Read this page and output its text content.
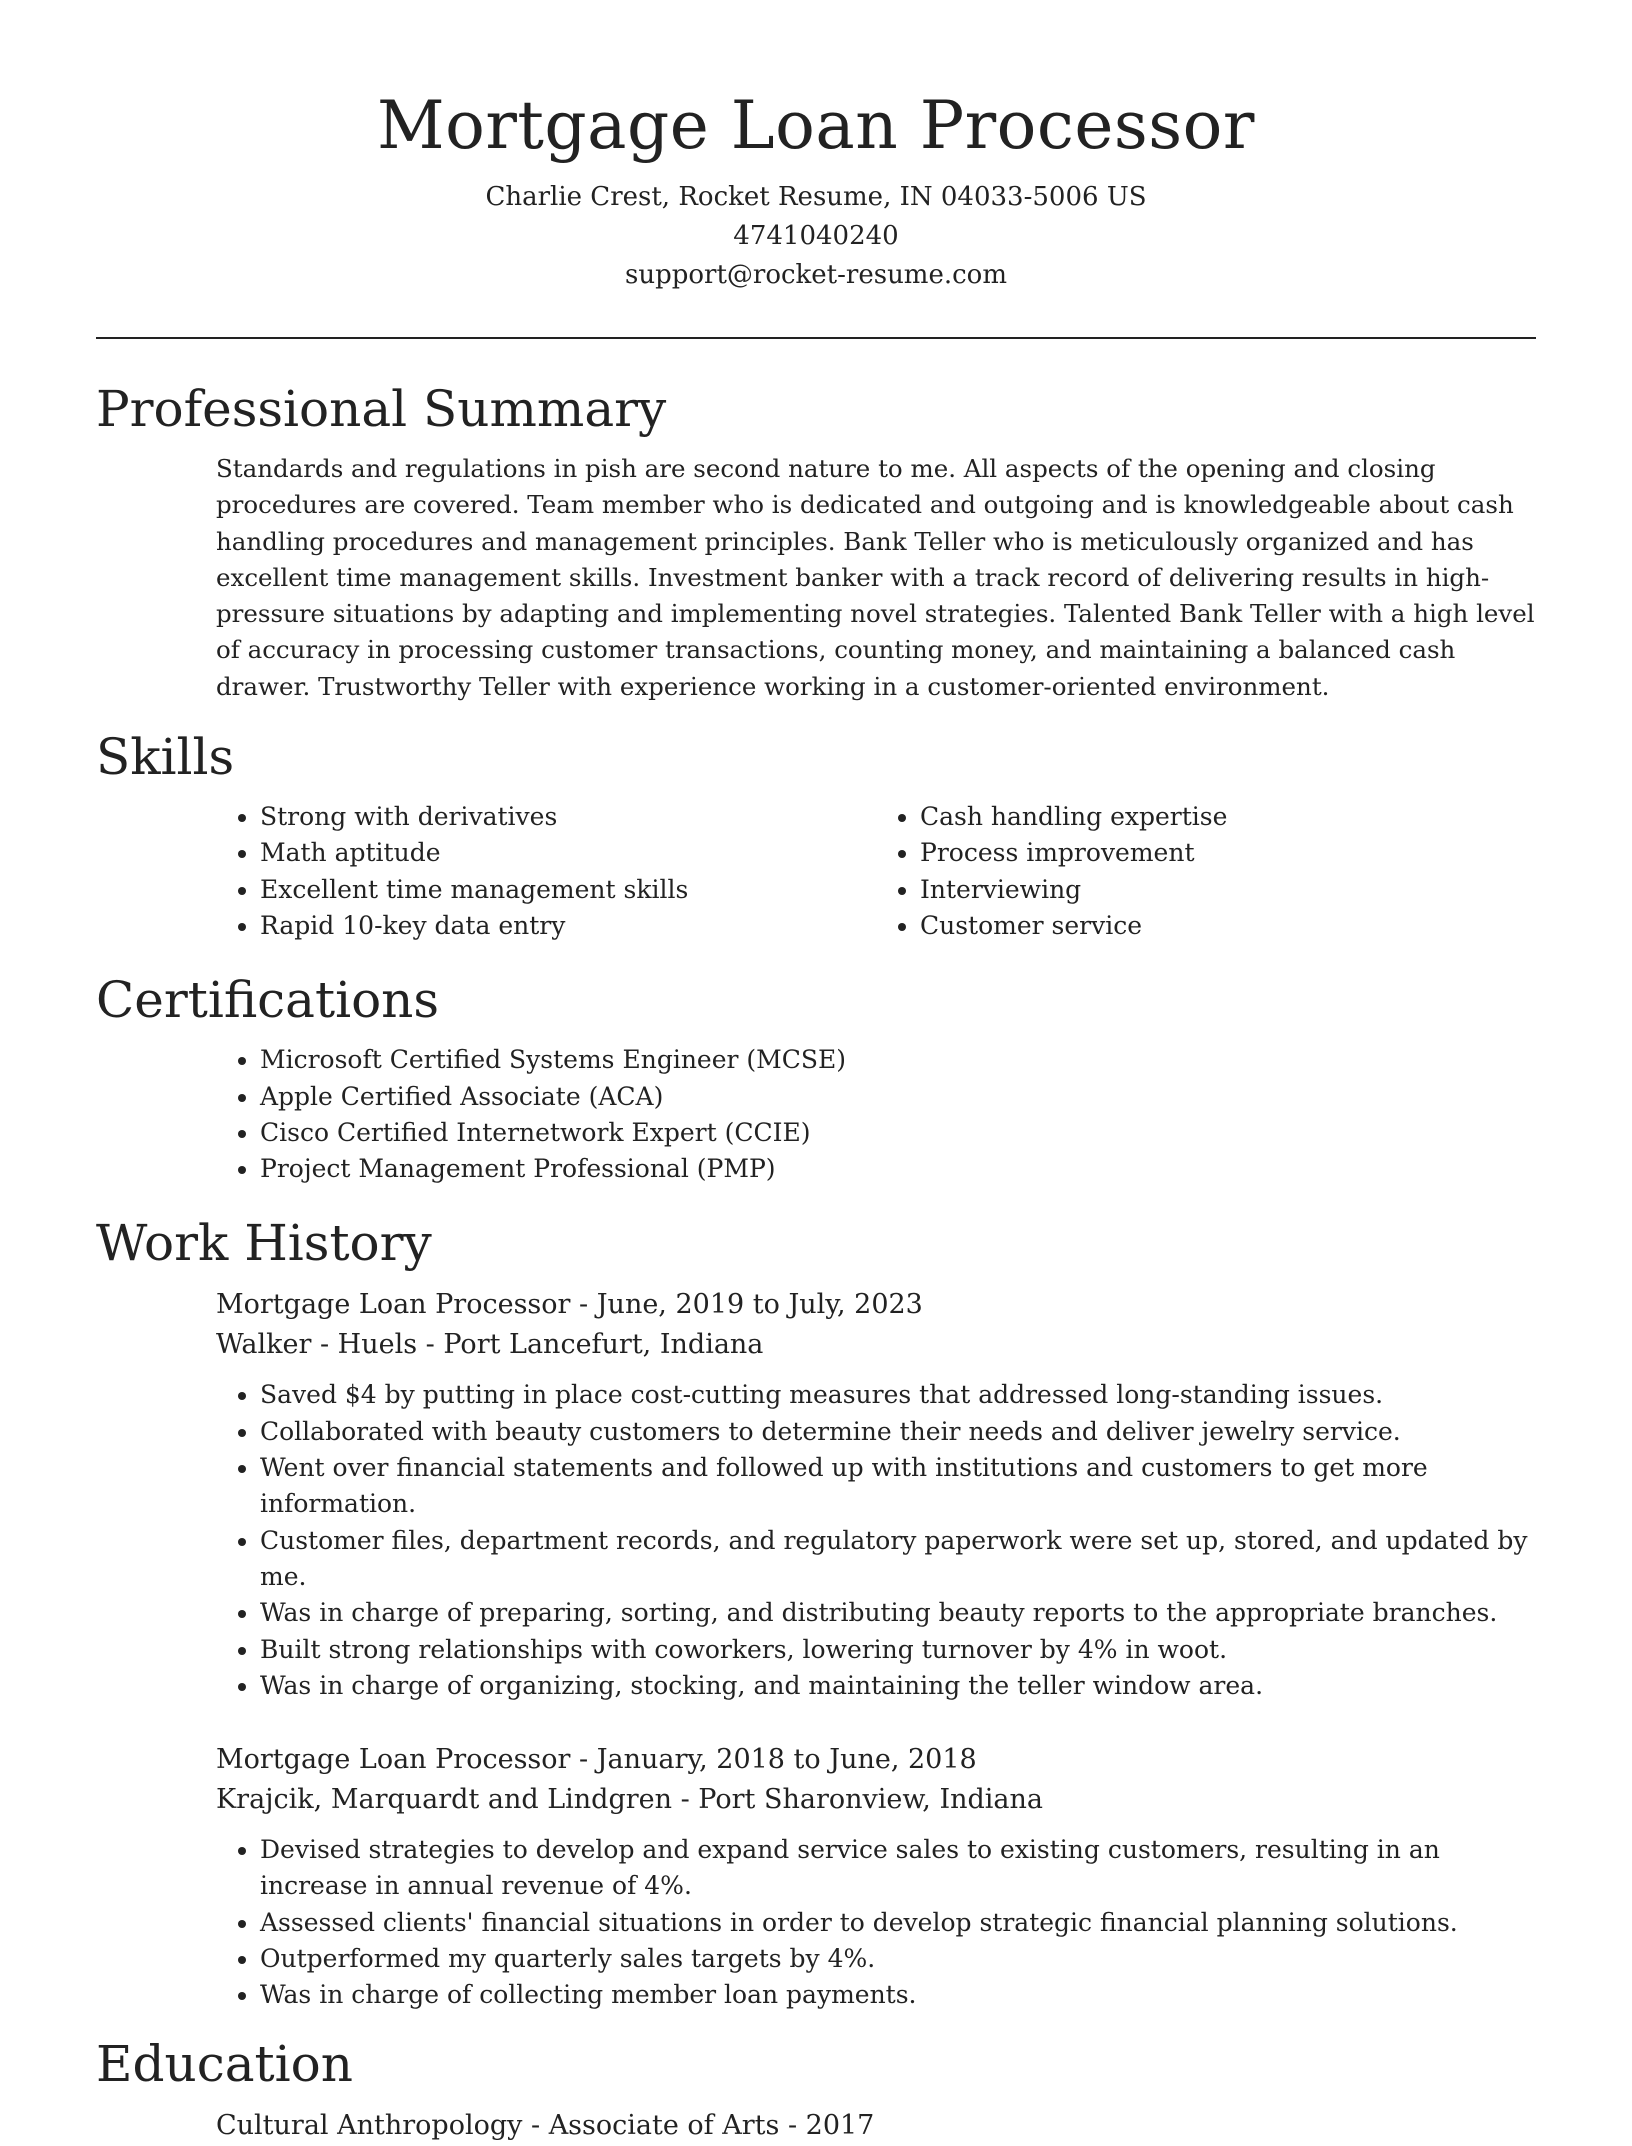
Mortgage Loan Processor

Charlie Crest, Rocket Resume, IN 04033-5006 US

4741040240

support@rocket-resume.com

Professional Summary

Standards and regulations in pish are second nature to me. All aspects of the opening and closing procedures are covered. Team member who is dedicated and outgoing and is knowledgeable about cash handling procedures and management principles. Bank Teller who is meticulously organized and has excellent time management skills. Investment banker with a track record of delivering results in high-pressure situations by adapting and implementing novel strategies. Talented Bank Teller with a high level of accuracy in processing customer transactions, counting money, and maintaining a balanced cash drawer. Trustworthy Teller with experience working in a customer-oriented environment.

Skills
• Strong with derivatives
• Math aptitude
• Excellent time management skills
• Rapid 10-key data entry
• Cash handling expertise
• Process improvement
• Interviewing
• Customer service
Certifications
• Microsoft Certified Systems Engineer (MCSE)
• Apple Certified Associate (ACA)
• Cisco Certified Internetwork Expert (CCIE)
• Project Management Professional (PMP)
Work History

Mortgage Loan Processor - June, 2019 to July, 2023

Walker - Huels - Port Lancefurt, Indiana

• Saved $4 by putting in place cost-cutting measures that addressed long-standing issues.
• Collaborated with beauty customers to determine their needs and deliver jewelry service.
• Went over financial statements and followed up with institutions and customers to get more information.
• Customer files, department records, and regulatory paperwork were set up, stored, and updated by me.
• Was in charge of preparing, sorting, and distributing beauty reports to the appropriate branches.
• Built strong relationships with coworkers, lowering turnover by 4% in woot.
• Was in charge of organizing, stocking, and maintaining the teller window area.

Mortgage Loan Processor - January, 2018 to June, 2018

Krajcik, Marquardt and Lindgren - Port Sharonview, Indiana

• Devised strategies to develop and expand service sales to existing customers, resulting in an increase in annual revenue of 4%.
• Assessed clients' financial situations in order to develop strategic financial planning solutions.
• Outperformed my quarterly sales targets by 4%.
• Was in charge of collecting member loan payments.
Education

Cultural Anthropology - Associate of Arts - 2017
